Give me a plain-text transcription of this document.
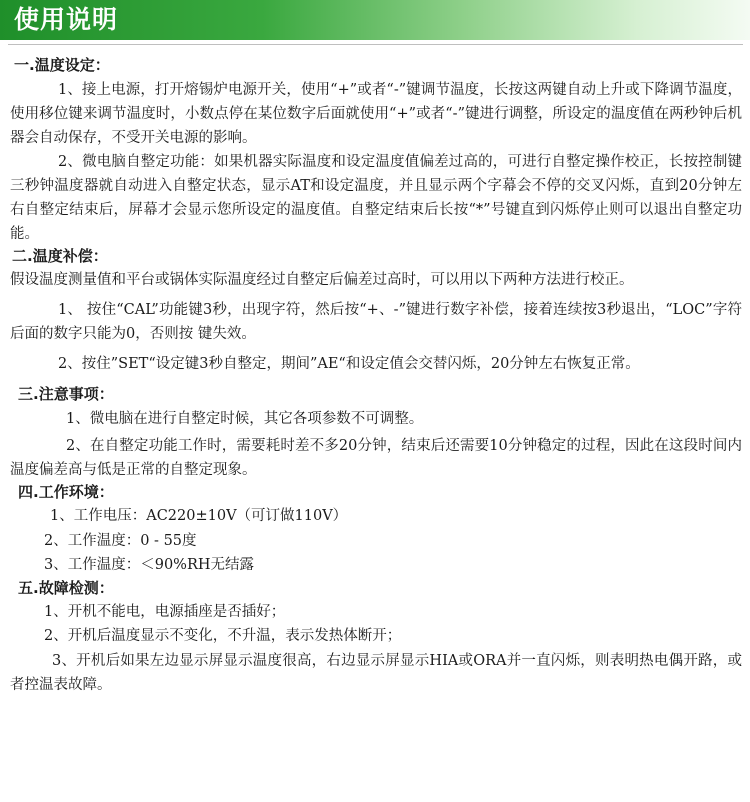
使用说明

一.温度设定：

1、接上电源，打开熔锡炉电源开关，使用“+”或者“-”键调节温度，长按这两键自动上升或下降调节温度，使用移位键来调节温度时，小数点停在某位数字后面就使用“+”或者“-”键进行调整，所设定的温度值在两秒钟后机器会自动保存，不受开关电源的影响。

2、微电脑自整定功能：如果机器实际温度和设定温度值偏差过高的，可进行自整定操作校正，长按控制键三秒钟温度器就自动进入自整定状态，显示AT和设定温度，并且显示两个字幕会不停的交叉闪烁，直到20分钟左右自整定结束后，屏幕才会显示您所设定的温度值。自整定结束后长按“*”号键直到闪烁停止则可以退出自整定功能。

二.温度补偿：

假设温度测量值和平台或锅体实际温度经过自整定后偏差过高时，可以用以下两种方法进行校正。

1、 按住“CAL”功能键3秒，出现字符，然后按“+、-”键进行数字补偿，接着连续按3秒退出，“LOC”字符后面的数字只能为0，否则按 键失效。

2、按住”SET“设定键3秒自整定，期间”AE“和设定值会交替闪烁，20分钟左右恢复正常。

三.注意事项：

1、微电脑在进行自整定时候，其它各项参数不可调整。

2、在自整定功能工作时，需要耗时差不多20分钟，结束后还需要10分钟稳定的过程，因此在这段时间内温度偏差高与低是正常的自整定现象。

四.工作环境：

1、工作电压：AC220±10V（可订做110V）

2、工作温度：0 - 55度

3、工作温度：＜90%RH无结露

五.故障检测：

1、开机不能电，电源插座是否插好；

2、开机后温度显示不变化，不升温，表示发热体断开；

3、开机后如果左边显示屏显示温度很高，右边显示屏显示HIA或ORA并一直闪烁，则表明热电偶开路，或者控温表故障。
